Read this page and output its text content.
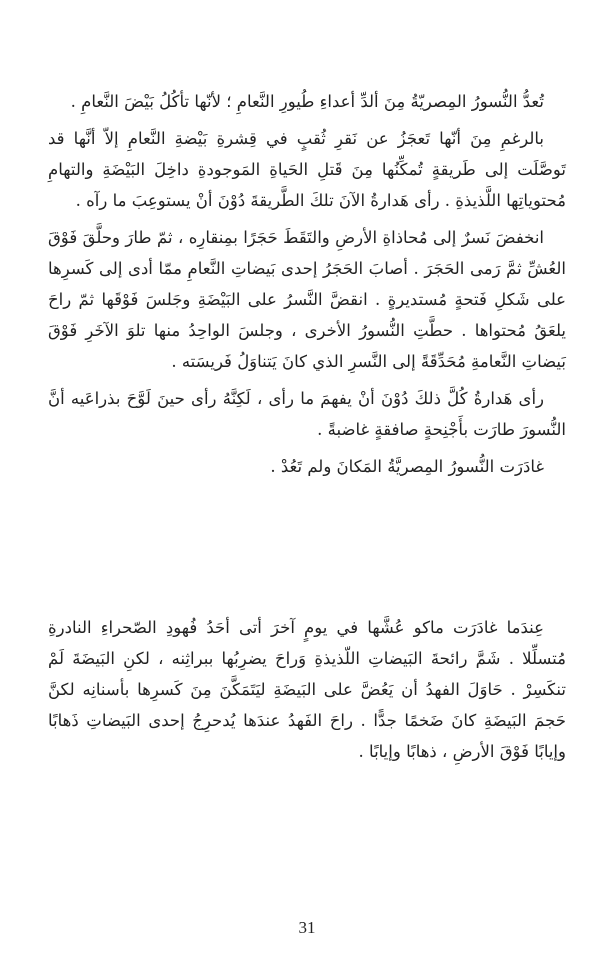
تُعدُّ النُّسورُ المِصريّةُ مِنَ ألدِّ أعداءِ طُيورِ النَّعامِ ؛ لأنّها تأكُلُ بَيْضَ النَّعامِ .

بالرغمِ مِنَ أنّها تَعجَزُ عن نَقرِ ثُقبٍ في قِشرةِ بَيْضةِ النَّعامِ إلاّ أنَّها قد تَوصَّلَت إلى طَريقةٍ تُمكِّنُها مِنَ قَتلِ الحَياةِ المَوجودةِ داخِلَ البَيْضَةِ والتهامِ مُحتوياتِها اللَّذيذةِ . رأى هَدارةُ الآنَ تلكَ الطَّريقةَ دُوْنَ أنْ يستوعِبَ ما رآه .

انخفضَ نَسرٌ إلى مُحاذاةِ الأرضِ والتَقَطَ حَجَرًا بمِنقارِه ، ثمّ طارَ وحلَّقَ فَوْقَ العُشِّ ثمَّ رَمى الحَجَرَ . أصابَ الحَجَرُ إحدى بَيضاتِ النَّعامِ ممّا أدى إلى كَسرِها على شَكلِ فَتحةٍ مُستديرةٍ . انقضَّ النَّسرُ على البَيْضَةِ وجَلسَ فَوْقَها ثمّ راحَ يلعَقُ مُحتواها . حطَّتِ النُّسورُ الأخرى ، وجلسَ الواحِدُ منها تلوَ الآخَرِ فَوْقَ بَيضاتِ النَّعامةِ مُحَدِّقَةً إلى النَّسرِ الذي كانَ يَتناوَلُ فَريسَته .

رأى هَدارةُ كُلَّ ذلكَ دُوْنَ أنْ يفهمَ ما رأى ، لَكِنَّهُ رأى حينَ لَوَّحَ بذراعَيه أنَّ النُّسورَ طارَت بأَجْنِحةٍ صافقةٍ غاضبةً .

غادَرَت النُّسورُ المِصريَّةُ المَكانَ ولم تَعُدْ .

عِندَما غادَرَت ماكو عُشَّها في يومٍ آخرَ أتى أحَدُ فُهودِ الصّحراءِ النادرةِ مُتسلِّلا . شَمَّ رائحةَ البَيضاتِ اللّذيذةِ وَراحَ يضرِبُها ببراثِنه ، لكنِ البَيضَةَ لَمْ تنكَسِرْ . حَاوَلَ الفهدُ أن يَعُضَّ على البَيضَةِ ليَتَمَكَّنَ مِنَ كَسرِها بأسنانِه لكنَّ حَجمَ البَيضَةِ كانَ ضَخمًا جدًّا . راحَ الفَهدُ عندَها يُدحرِجُ إحدى البَيضاتِ ذَهابًا وإيابًا فَوْقَ الأرضِ ، ذهابًا وإيابًا .

31
